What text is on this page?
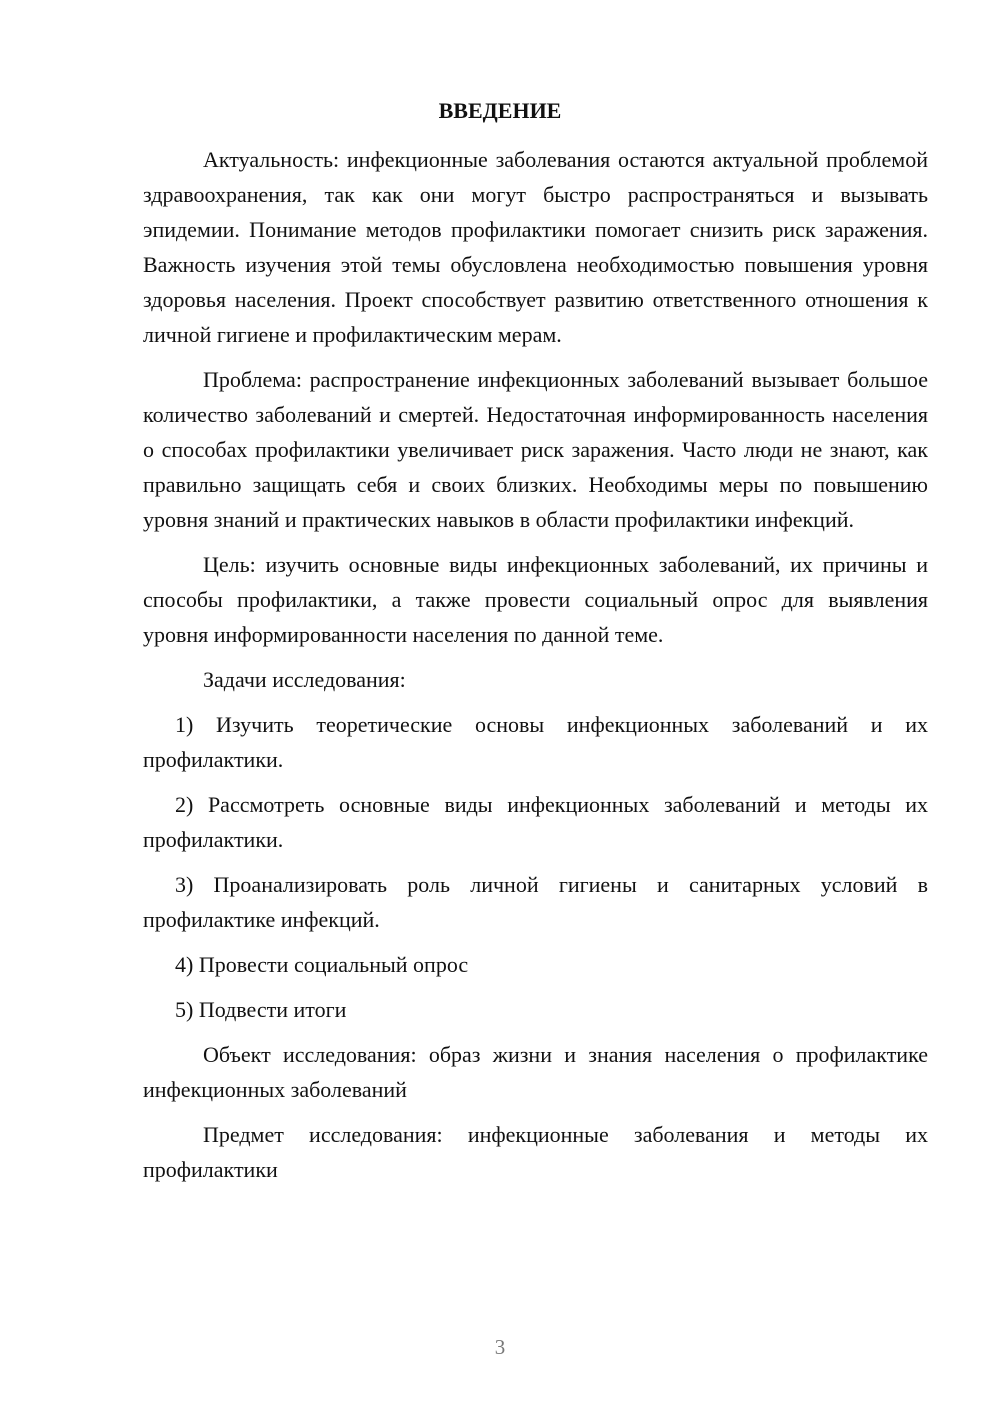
ВВЕДЕНИЕ

Актуальность: инфекционные заболевания остаются актуальной проблемой здравоохранения, так как они могут быстро распространяться и вызывать эпидемии. Понимание методов профилактики помогает снизить риск заражения. Важность изучения этой темы обусловлена необходимостью повышения уровня здоровья населения. Проект способствует развитию ответственного отношения к личной гигиене и профилактическим мерам.

Проблема: распространение инфекционных заболеваний вызывает большое количество заболеваний и смертей. Недостаточная информированность населения о способах профилактики увеличивает риск заражения. Часто люди не знают, как правильно защищать себя и своих близких. Необходимы меры по повышению уровня знаний и практических навыков в области профилактики инфекций.

Цель: изучить основные виды инфекционных заболеваний, их причины и способы профилактики, а также провести социальный опрос для выявления уровня информированности населения по данной теме.

Задачи исследования:

1) Изучить теоретические основы инфекционных заболеваний и их профилактики.

2) Рассмотреть основные виды инфекционных заболеваний и методы их профилактики.

3) Проанализировать роль личной гигиены и санитарных условий в профилактике инфекций.

4) Провести социальный опрос

5) Подвести итоги

Объект исследования: образ жизни и знания населения о профилактике инфекционных заболеваний

Предмет исследования: инфекционные заболевания и методы их профилактики

3
